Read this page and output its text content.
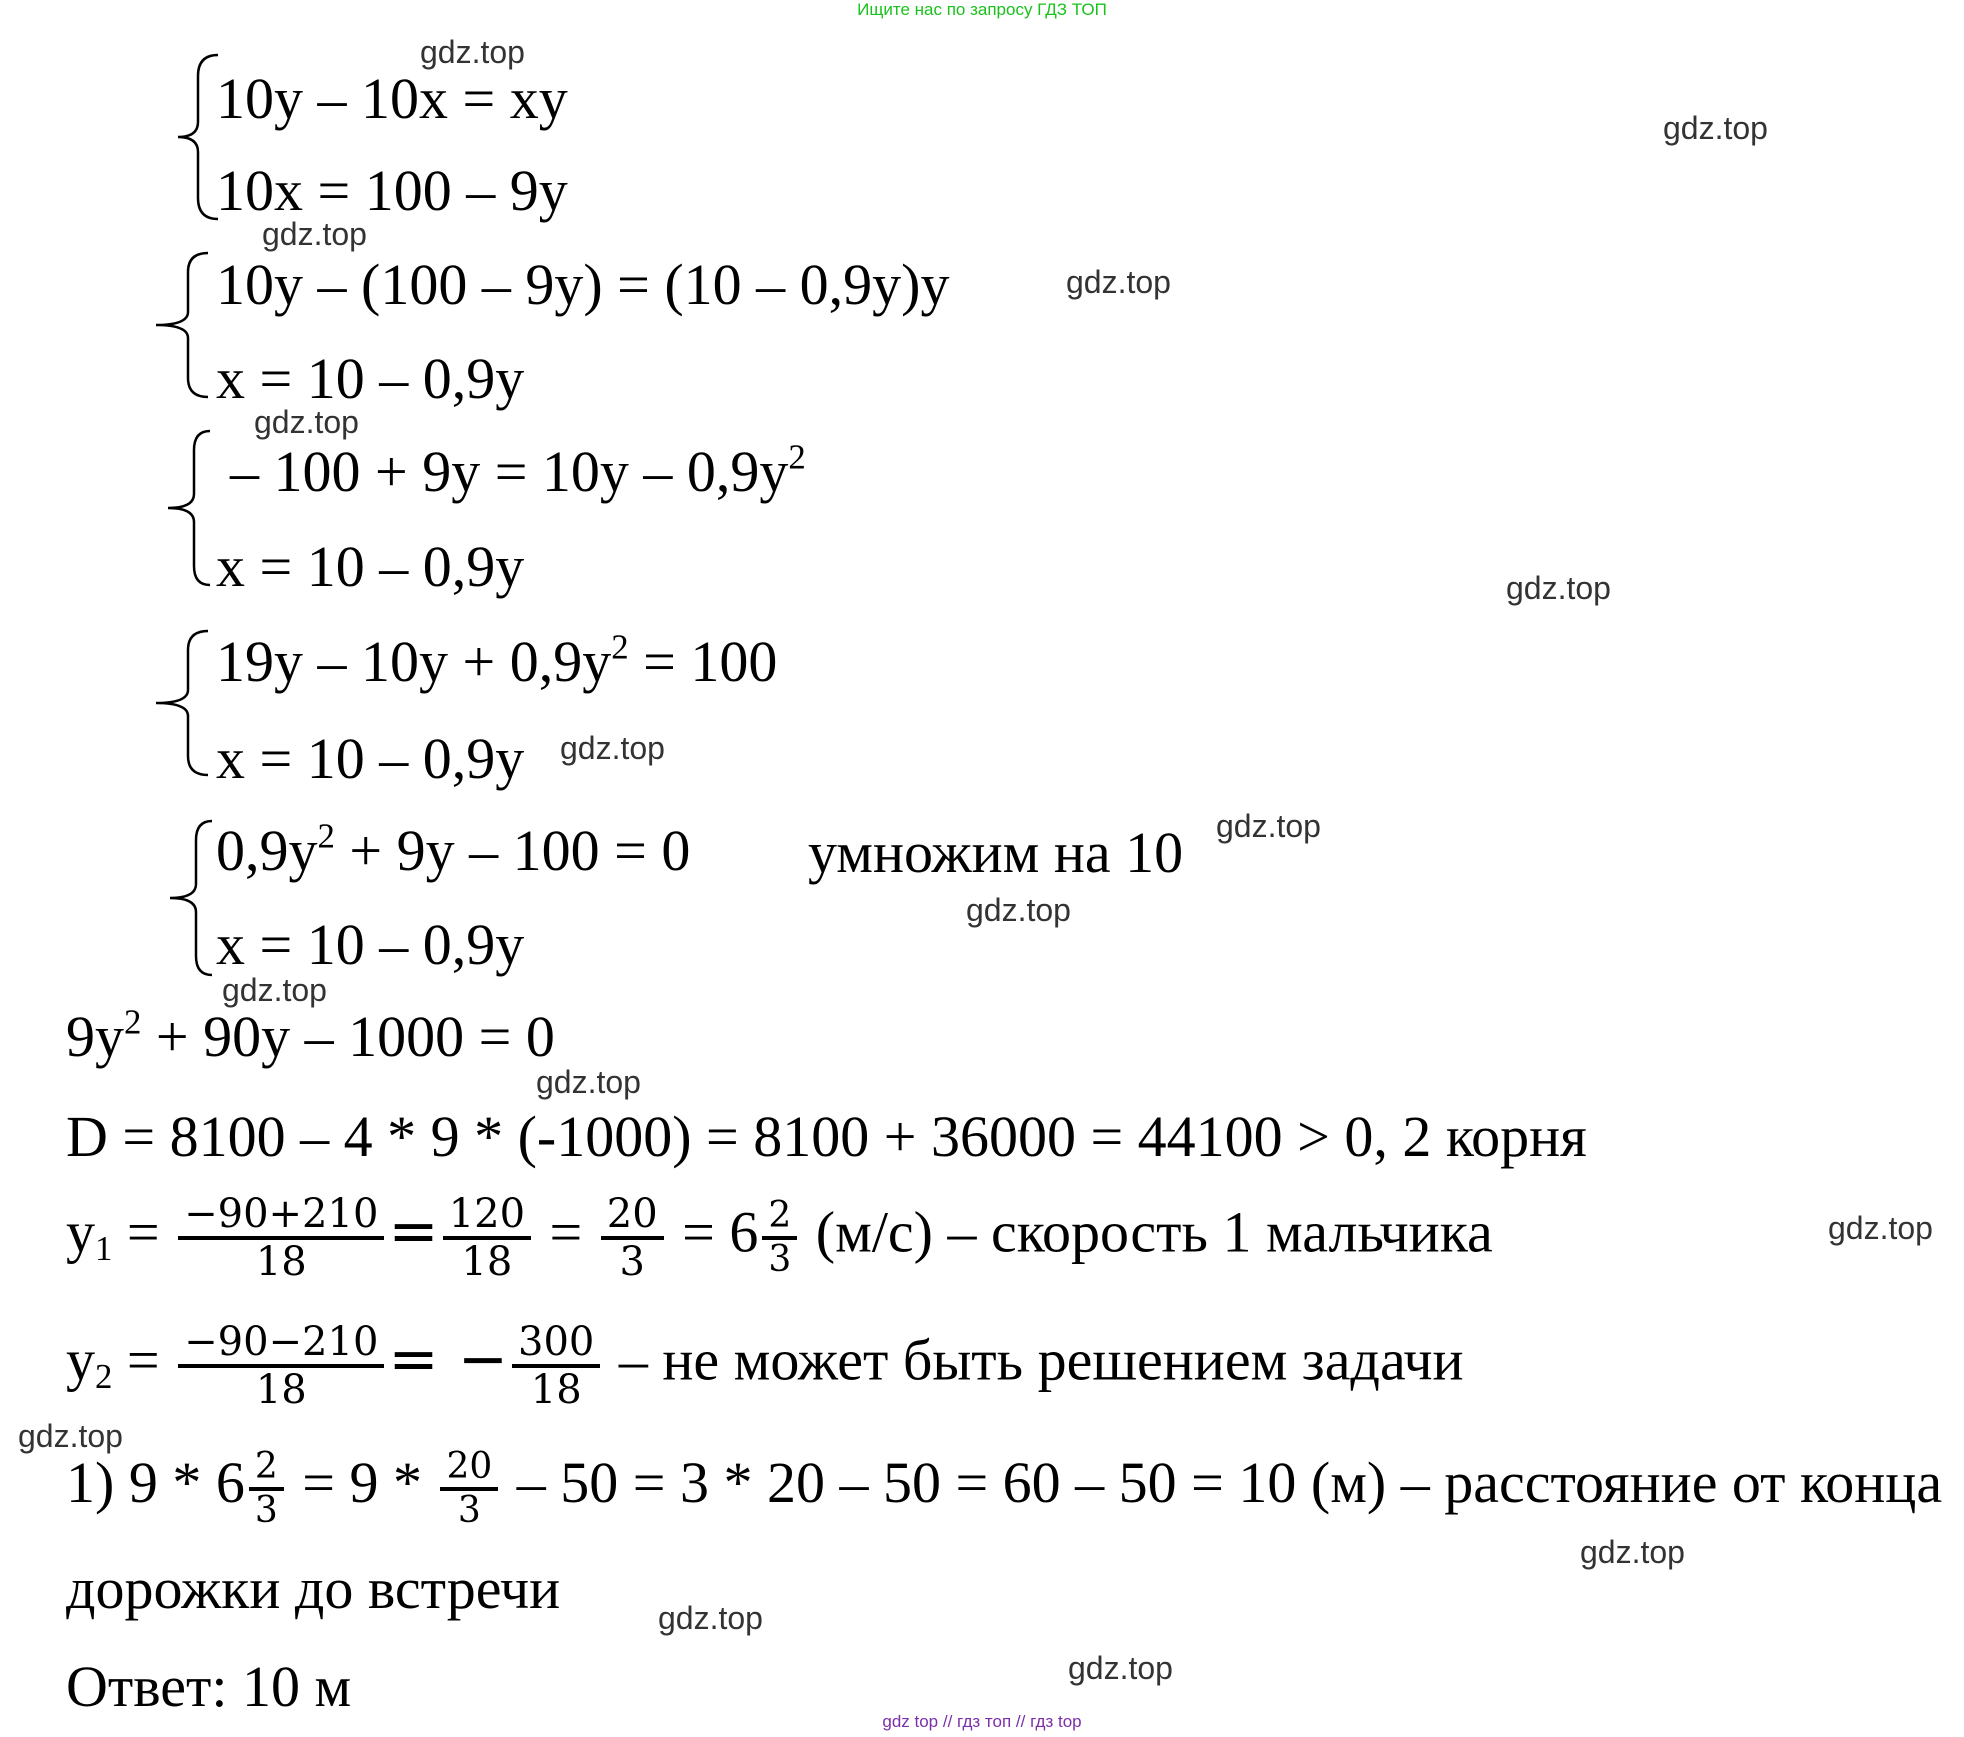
Ищите нас по запросу ГДЗ ТОП
10y – 10x = xy
10x = 100 – 9y
10y – (100 – 9y) = (10 – 0,9y)y
x = 10 – 0,9y
– $100 + 9y = 10y - 0,9y^2$
x = 10 – 0,9y
$19y - 10y + 0,9y^2 = 100$
x = 10 – 0,9y
$0,9y^2 + 9y - 100 = 0$ умножим на 10
x = 10 – 0,9y
$9y^2 + 90y - 1000 = 0$
D = 8100 – 4 * 9 * (-1000) = 8100 + 36000 = 44100 > 0, 2 корня
$y_1 = \frac{-90+210}{18} = \frac{120}{18} = \frac{20}{3} = 6 \frac{2}{3} (м/с)$ – скорость 1 мальчика
$y_2 = \frac{-90-210}{18}$ = − $\frac{300}{18}$ – не может быть решением задачи
1) $9 * 6 \frac{2}{3} = 9 * \frac{20}{3} - 50 = 3 * 20 - 50 = 60 - 50 = 10$ (м) – расстояние от конца
дорожки до встречи
Ответ: 10 м
gdz.top
gdz.top
gdz.top
gdz.top
gdz.top
gdz.top
gdz.top
gdz.top
gdz.top
gdz.top
gdz.top
gdz.top
gdz.top
gdz.top
gdz.top
gdz.top
gdz top // гдз топ // гдз top
